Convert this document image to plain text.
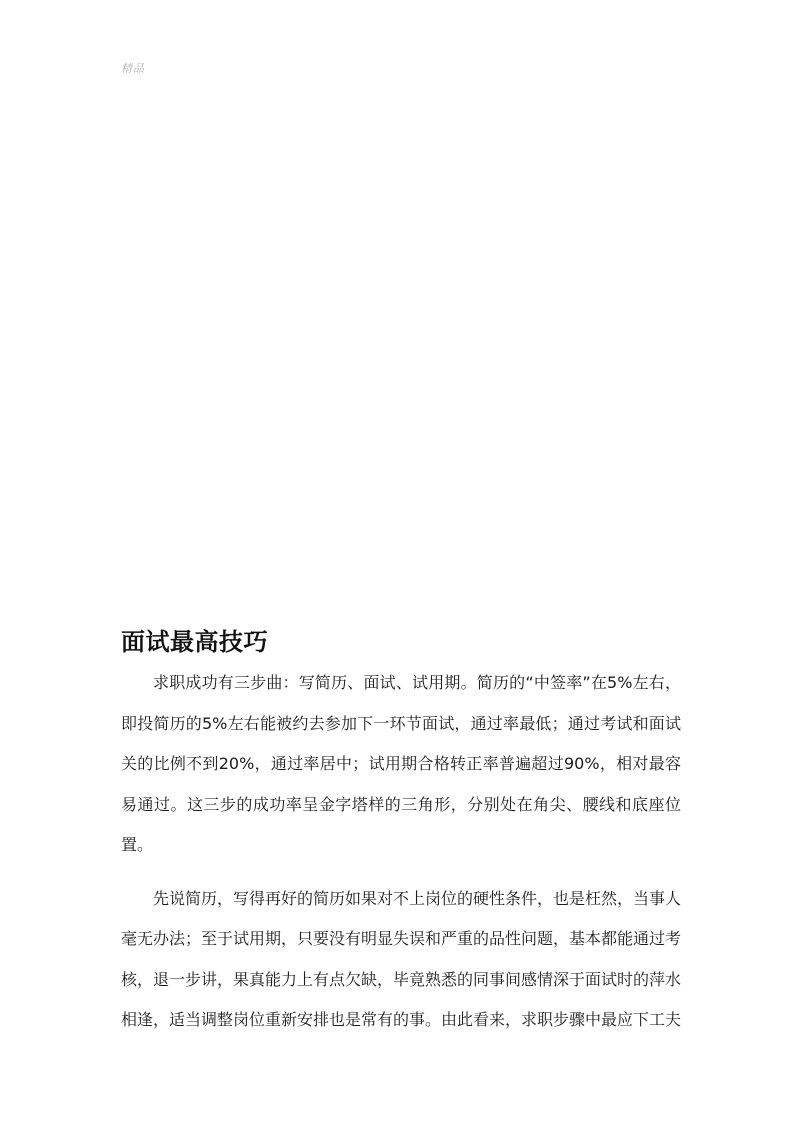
精品
面试最高技巧

求职成功有三步曲：写简历、面试、试用期。简历的“中签率”在5%左右，即投简历的5%左右能被约去参加下一环节面试，通过率最低；通过考试和面试关的比例不到20%，通过率居中；试用期合格转正率普遍超过90%，相对最容易通过。这三步的成功率呈金字塔样的三角形，分别处在角尖、腰线和底座位置。

先说简历，写得再好的简历如果对不上岗位的硬性条件，也是枉然，当事人毫无办法；至于试用期，只要没有明显失误和严重的品性问题，基本都能通过考核，退一步讲，果真能力上有点欠缺，毕竟熟悉的同事间感情深于面试时的萍水相逢，适当调整岗位重新安排也是常有的事。由此看来，求职步骤中最应下工夫
